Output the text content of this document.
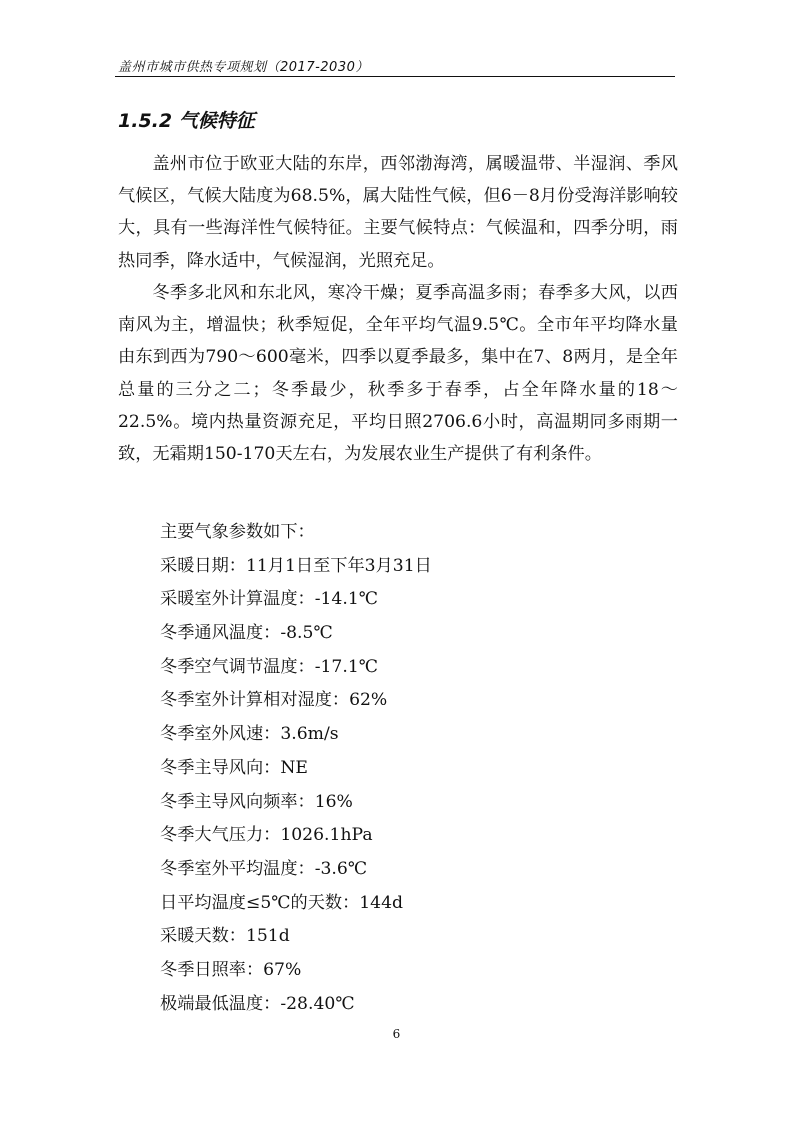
盖州市城市供热专项规划（2017-2030）
1.5.2 气候特征

盖州市位于欧亚大陆的东岸，西邻渤海湾，属暖温带、半湿润、季风气候区，气候大陆度为68.5%，属大陆性气候，但6－8月份受海洋影响较大，具有一些海洋性气候特征。主要气候特点：气候温和，四季分明，雨热同季，降水适中，气候湿润，光照充足。

冬季多北风和东北风，寒冷干燥；夏季高温多雨；春季多大风，以西南风为主，增温快；秋季短促，全年平均气温9.5℃。全市年平均降水量由东到西为790～600毫米，四季以夏季最多，集中在7、8两月，是全年总量的三分之二；冬季最少，秋季多于春季，占全年降水量的18～22.5%。境内热量资源充足，平均日照2706.6小时，高温期同多雨期一致，无霜期150-170天左右，为发展农业生产提供了有利条件。

主要气象参数如下：
采暖日期：11月1日至下年3月31日
采暖室外计算温度：-14.1℃
冬季通风温度：-8.5℃
冬季空气调节温度：-17.1℃
冬季室外计算相对湿度：62%
冬季室外风速：3.6m/s
冬季主导风向：NE
冬季主导风向频率：16%
冬季大气压力：1026.1hPa
冬季室外平均温度：-3.6℃
日平均温度≤5℃的天数：144d
采暖天数：151d
冬季日照率：67%
极端最低温度：-28.40℃
6
